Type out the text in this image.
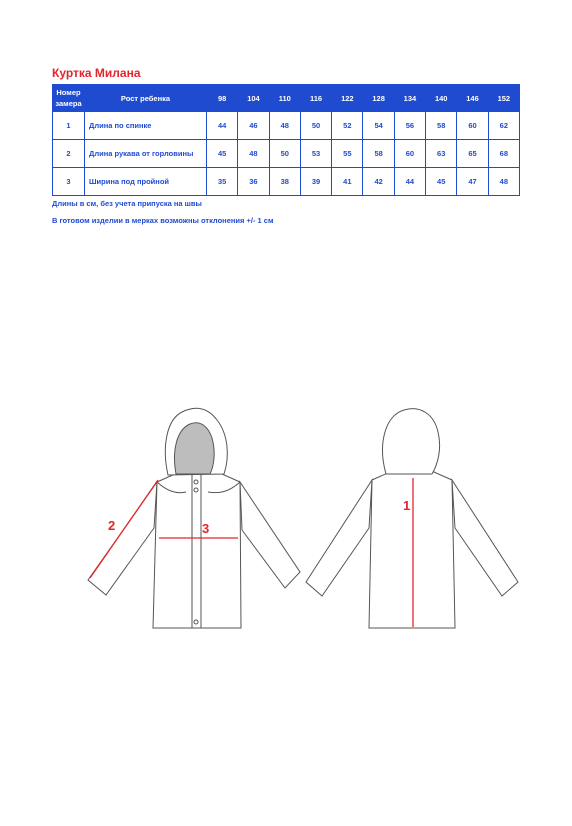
Куртка Милана
Номер
замера	Рост ребенка	98	104	110	116	122	128	134	140	146	152
1	Длина по спинке	44	46	48	50	52	54	56	58	60	62
2	Длина рукава от горловины	45	48	50	53	55	58	60	63	65	68
3	Ширина под пройной	35	36	38	39	41	42	44	45	47	48
Длины в см, без учета припуска на швы
В готовом изделии в мерках возможны отклонения +/- 1 см
2	3
1
